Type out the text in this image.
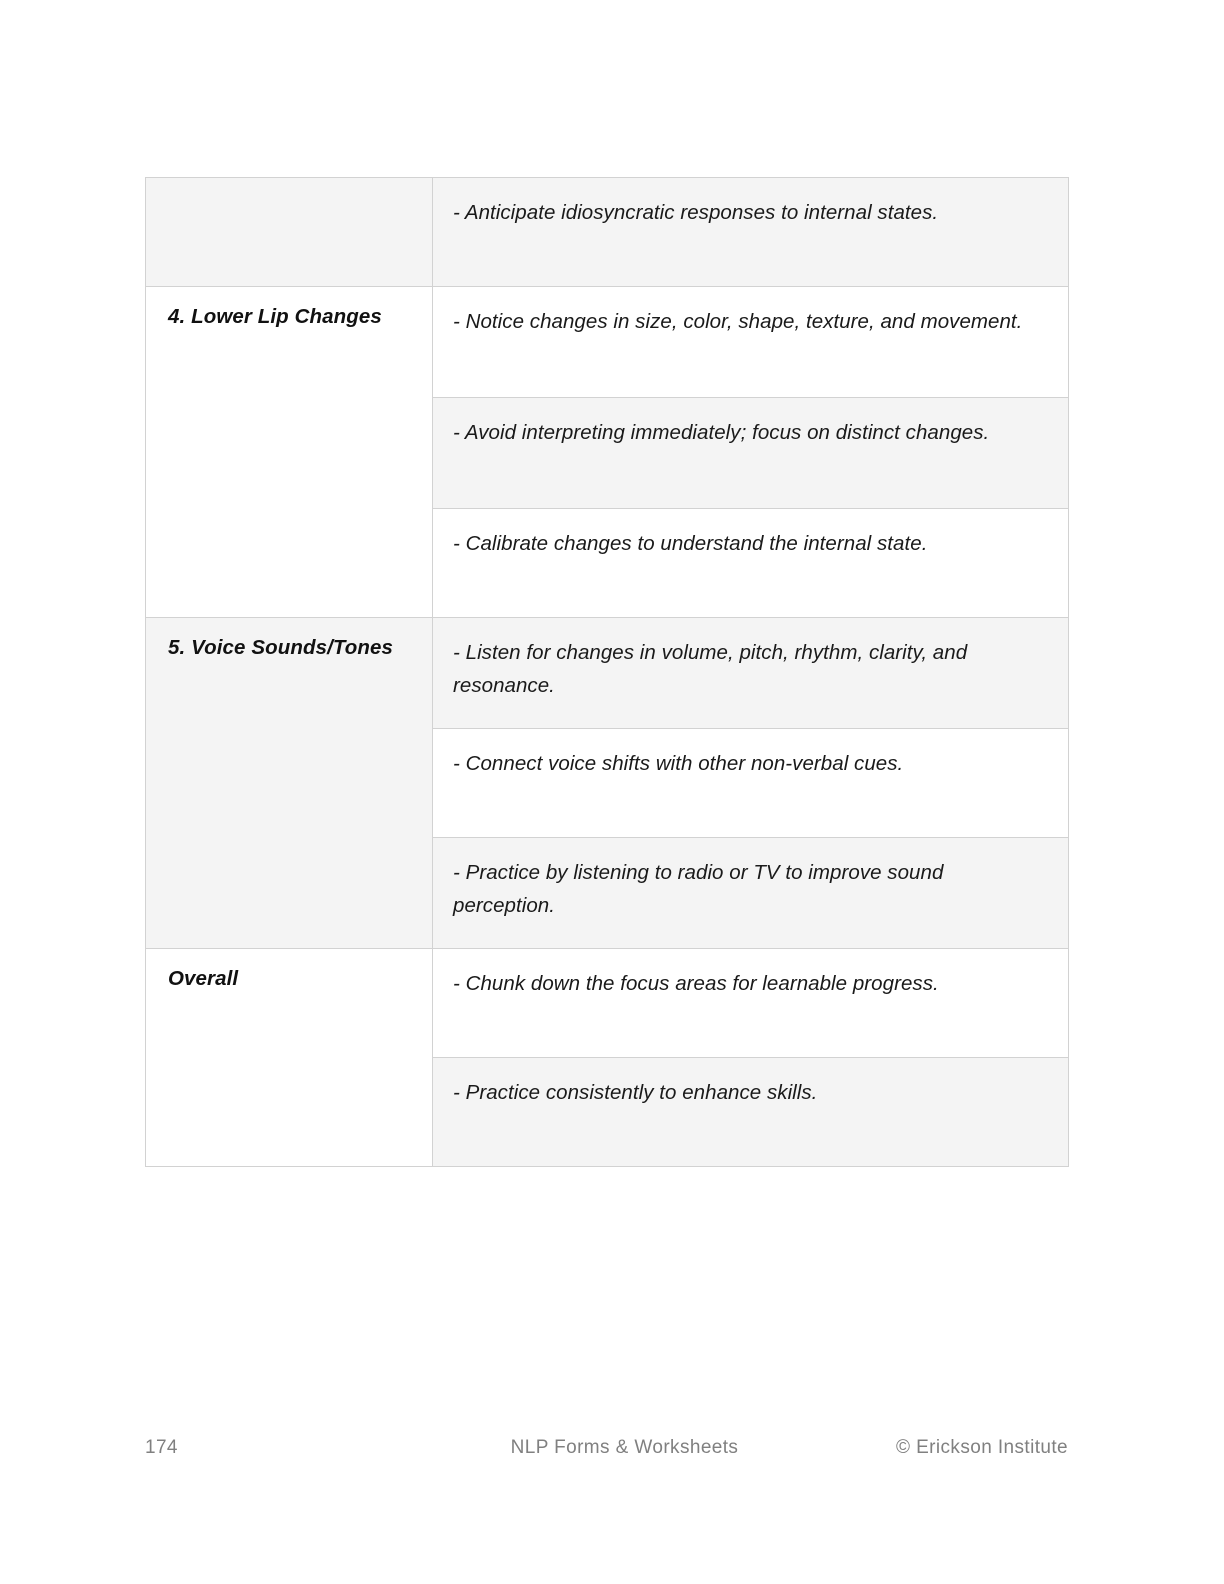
	- Anticipate idiosyncratic responses to internal states.
4. Lower Lip Changes	- Notice changes in size, color, shape, texture, and movement.
	- Avoid interpreting immediately; focus on distinct changes.
	- Calibrate changes to understand the internal state.
5. Voice Sounds/Tones	- Listen for changes in volume, pitch, rhythm, clarity, and resonance.
	- Connect voice shifts with other non-verbal cues.
	- Practice by listening to radio or TV to improve sound perception.
Overall	- Chunk down the focus areas for learnable progress.
	- Practice consistently to enhance skills.
174	NLP Forms & Worksheets	© Erickson Institute
